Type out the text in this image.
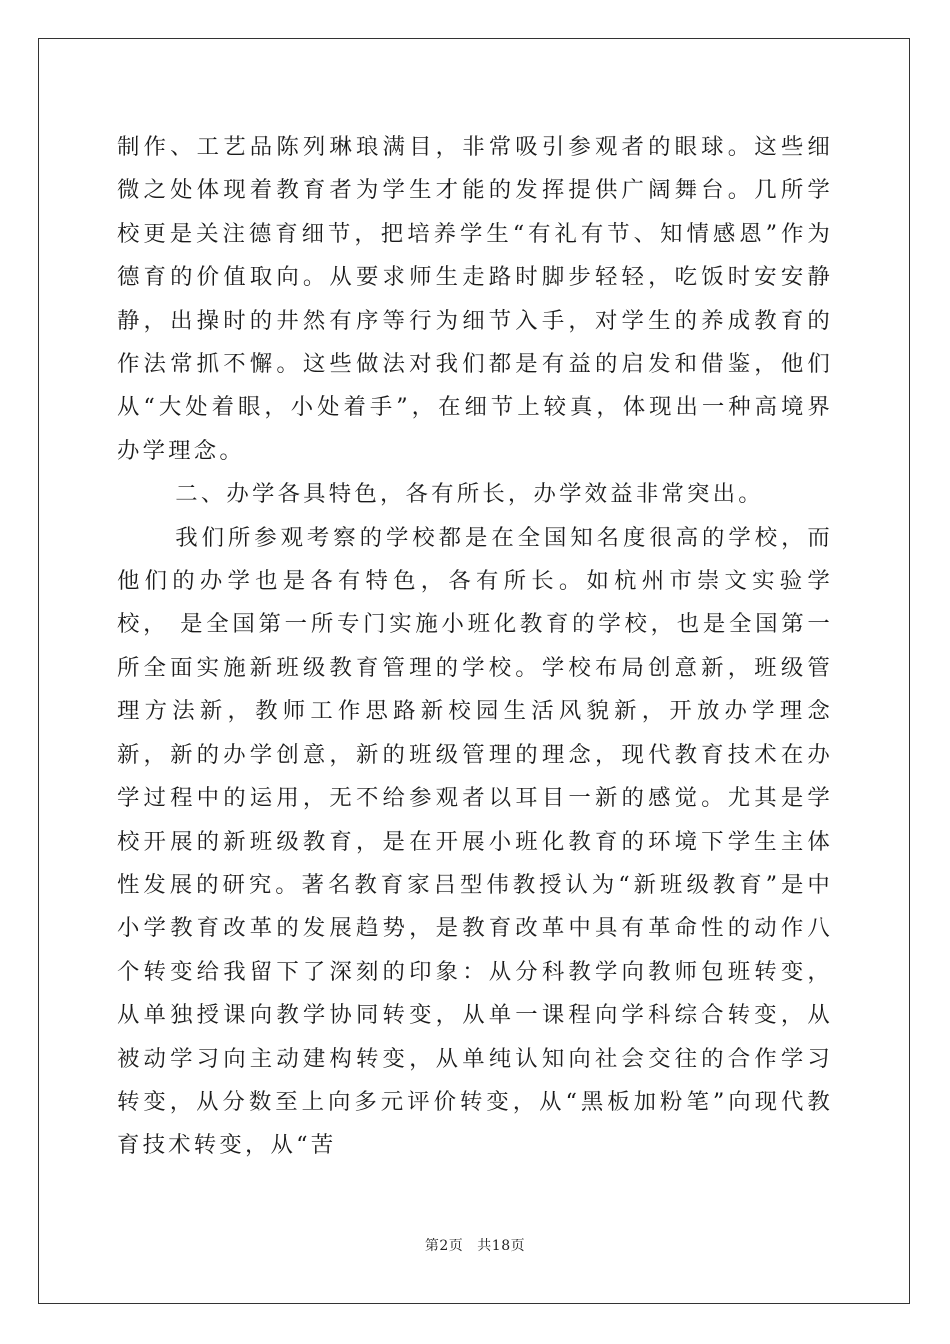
制作、工艺品陈列琳琅满目，非常吸引参观者的眼球。这些细微之处体现着教育者为学生才能的发挥提供广阔舞台。几所学校更是关注德育细节，把培养学生“有礼有节、知情感恩”作为德育的价值取向。从要求师生走路时脚步轻轻，吃饭时安安静静，出操时的井然有序等行为细节入手，对学生的养成教育的作法常抓不懈。这些做法对我们都是有益的启发和借鉴，他们从“大处着眼，小处着手”，在细节上较真，体现出一种高境界办学理念。

二、办学各具特色，各有所长，办学效益非常突出。

我们所参观考察的学校都是在全国知名度很高的学校，而他们的办学也是各有特色，各有所长。如杭州市崇文实验学校， 是全国第一所专门实施小班化教育的学校，也是全国第一所全面实施新班级教育管理的学校。学校布局创意新，班级管理方法新，教师工作思路新校园生活风貌新，开放办学理念新，新的办学创意，新的班级管理的理念，现代教育技术在办学过程中的运用，无不给参观者以耳目一新的感觉。尤其是学校开展的新班级教育，是在开展小班化教育的环境下学生主体性发展的研究。著名教育家吕型伟教授认为“新班级教育”是中小学教育改革的发展趋势，是教育改革中具有革命性的动作八个转变给我留下了深刻的印象：从分科教学向教师包班转变，从单独授课向教学协同转变，从单一课程向学科综合转变，从被动学习向主动建构转变，从单纯认知向社会交往的合作学习转变，从分数至上向多元评价转变，从“黑板加粉笔”向现代教育技术转变，从“苦

第2页 共18页
